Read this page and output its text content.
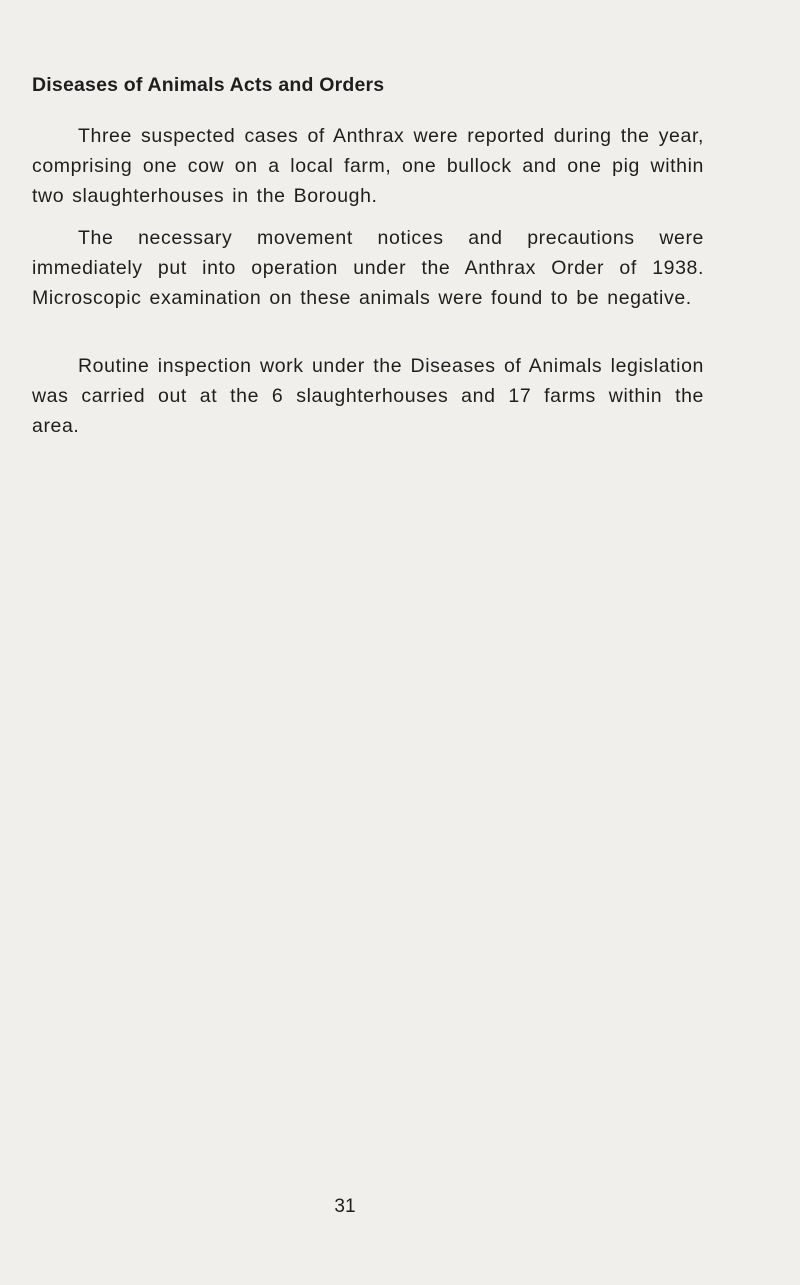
Diseases of Animals Acts and Orders

Three suspected cases of Anthrax were reported during the year, comprising one cow on a local farm, one bullock and one pig within two slaughterhouses in the Borough.

The necessary movement notices and precautions were immediately put into operation under the Anthrax Order of 1938. Microscopic examination on these animals were found to be negative.

Routine inspection work under the Diseases of Animals legislation was carried out at the 6 slaughterhouses and 17 farms within the area.

31
